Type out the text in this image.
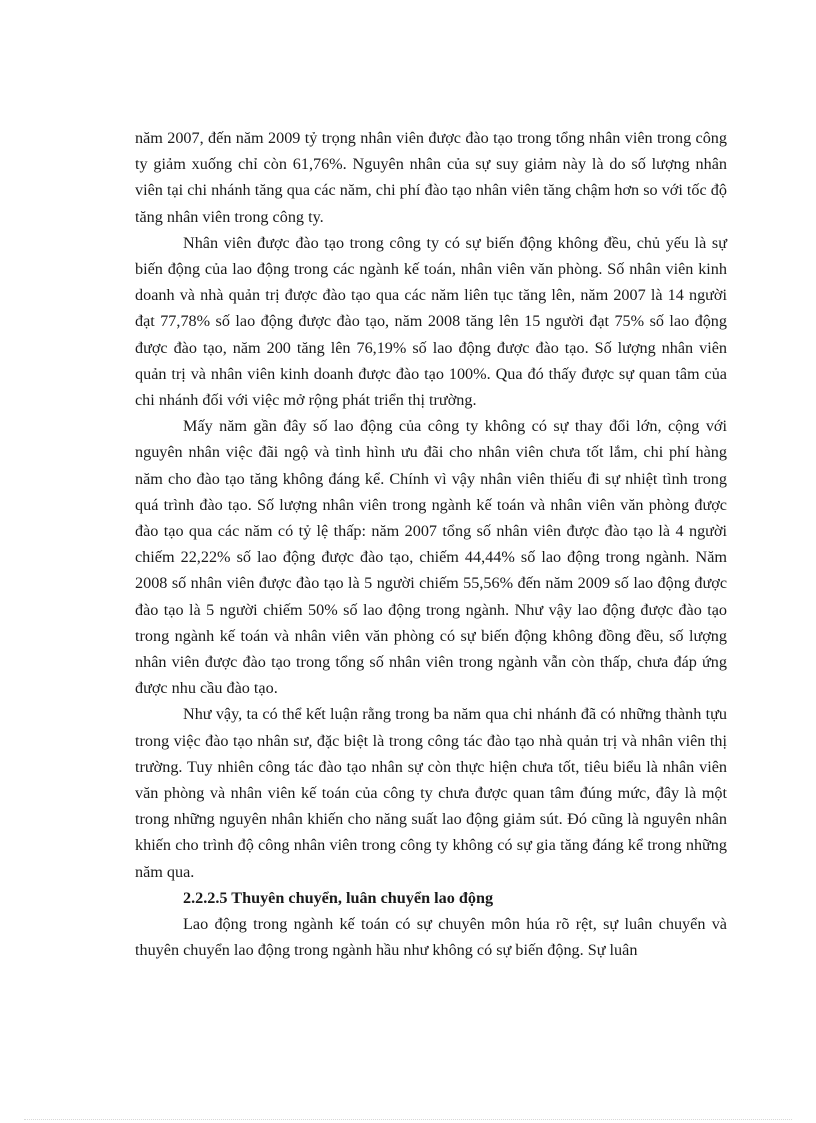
năm 2007, đến năm 2009 tỷ trọng nhân viên được đào tạo trong tổng nhân viên trong công ty giảm xuống chỉ còn 61,76%. Nguyên nhân của sự suy giảm này là do số lượng nhân viên tại chi nhánh tăng qua các năm, chi phí đào tạo nhân viên tăng chậm hơn so với tốc độ tăng nhân viên trong công ty.

Nhân viên được đào tạo trong công ty có sự biến động không đều, chủ yếu là sự biến động của lao động trong các ngành kế toán, nhân viên văn phòng. Số nhân viên kinh doanh và nhà quản trị được đào tạo qua các năm liên tục tăng lên, năm 2007 là 14 người đạt 77,78% số lao động được đào tạo, năm 2008 tăng lên 15 người đạt 75% số lao động được đào tạo, năm 200 tăng lên 76,19% số lao động được đào tạo. Số lượng nhân viên quản trị và nhân viên kinh doanh được đào tạo 100%. Qua đó thấy được sự quan tâm của chi nhánh đối với việc mở rộng phát triển thị trường.

Mấy năm gần đây số lao động của công ty không có sự thay đổi lớn, cộng với nguyên nhân việc đãi ngộ và tình hình ưu đãi cho nhân viên chưa tốt lắm, chi phí hàng năm cho đào tạo tăng không đáng kể. Chính vì vậy nhân viên thiếu đi sự nhiệt tình trong quá trình đào tạo. Số lượng nhân viên trong ngành kế toán và nhân viên văn phòng được đào tạo qua các năm có tỷ lệ thấp: năm 2007 tổng số nhân viên được đào tạo là 4 người chiếm 22,22% số lao động được đào tạo, chiếm 44,44% số lao động trong ngành. Năm 2008 số nhân viên được đào tạo là 5 người chiếm 55,56% đến năm 2009 số lao động được đào tạo là 5 người chiếm 50% số lao động trong ngành. Như vậy lao động được đào tạo trong ngành kế toán và nhân viên văn phòng có sự biến động không đồng đều, số lượng nhân viên được đào tạo trong tổng số nhân viên trong ngành vẫn còn thấp, chưa đáp ứng được nhu cầu đào tạo.

Như vậy, ta có thể kết luận rằng trong ba năm qua chi nhánh đã có những thành tựu trong việc đào tạo nhân sư, đặc biệt là trong công tác đào tạo nhà quản trị và nhân viên thị trường. Tuy nhiên công tác đào tạo nhân sự còn thực hiện chưa tốt, tiêu biểu là nhân viên văn phòng và nhân viên kế toán của công ty chưa được quan tâm đúng mức, đây là một trong những nguyên nhân khiến cho năng suất lao động giảm sút. Đó cũng là nguyên nhân khiến cho trình độ công nhân viên trong công ty không có sự gia tăng đáng kể trong những năm qua.

2.2.2.5 Thuyên chuyển, luân chuyển lao động

Lao động trong ngành kế toán có sự chuyên môn húa rõ rệt, sự luân chuyển và thuyên chuyển lao động trong ngành hầu như không có sự biến động. Sự luân
